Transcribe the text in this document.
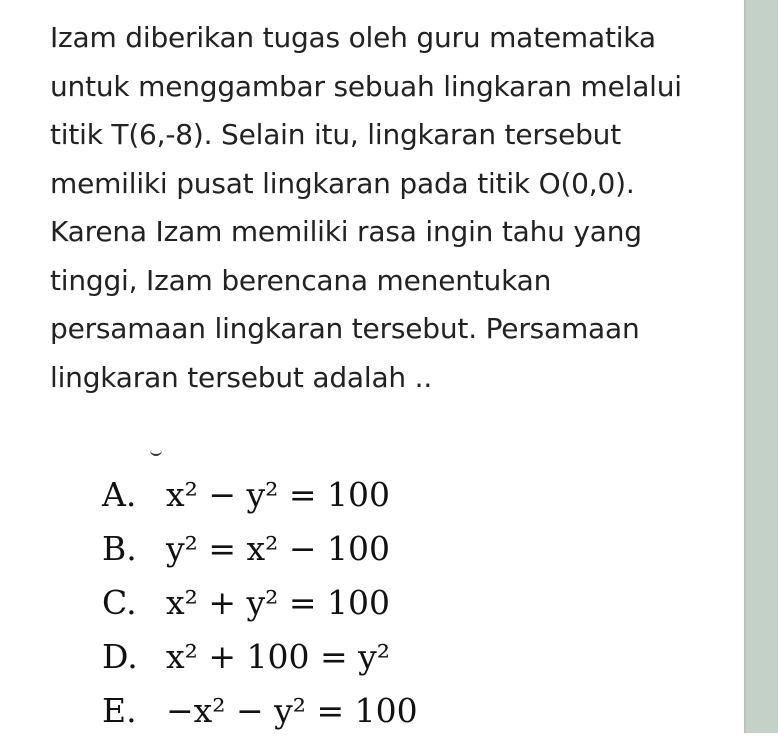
Izam diberikan tugas oleh guru matematika
untuk menggambar sebuah lingkaran melalui
titik T(6,-8). Selain itu, lingkaran tersebut
memiliki pusat lingkaran pada titik O(0,0).
Karena Izam memiliki rasa ingin tahu yang
tinggi, Izam berencana menentukan
persamaan lingkaran tersebut. Persamaan
lingkaran tersebut adalah ..
A. x² − y² = 100
B. y² = x² − 100
C. x² + y² = 100
D. x² + 100 = y²
E. −x² − y² = 100
